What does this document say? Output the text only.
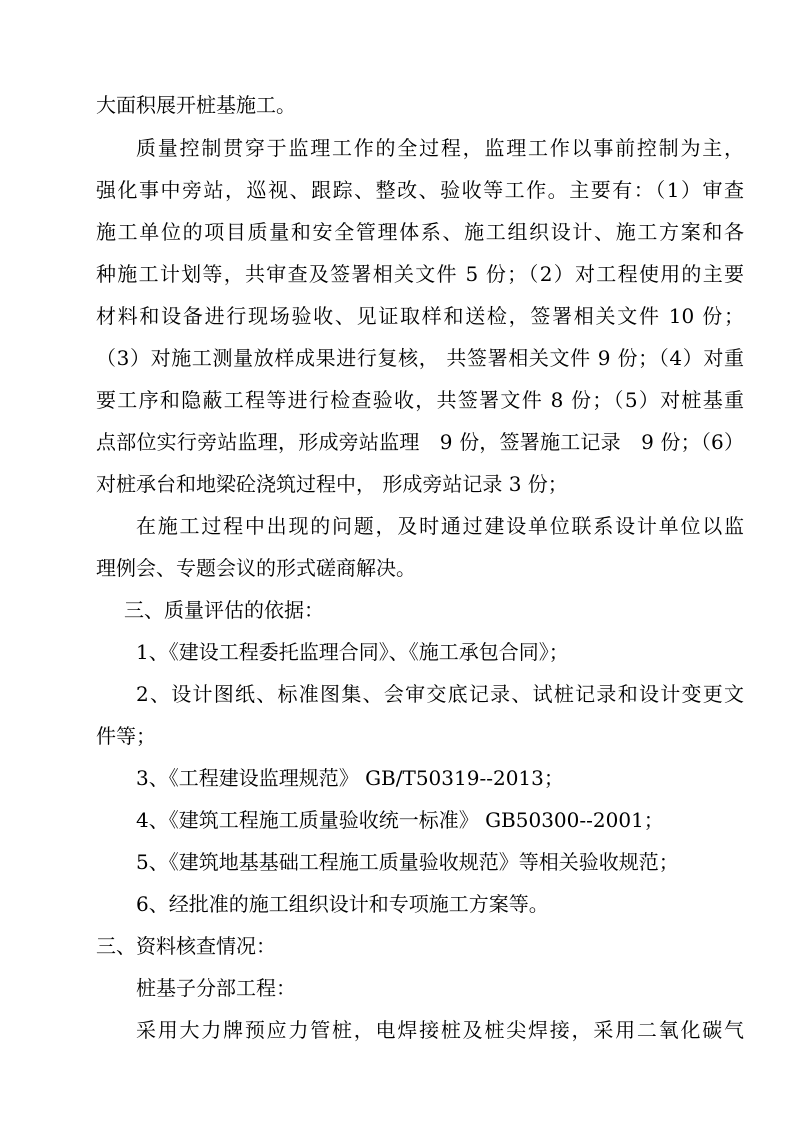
大面积展开桩基施工。
质量控制贯穿于监理工作的全过程，监理工作以事前控制为主，
强化事中旁站，巡视、跟踪、整改、验收等工作。主要有：（1）审查
施工单位的项目质量和安全管理体系、施工组织设计、施工方案和各
种施工计划等，共审查及签署相关文件 5 份；（2）对工程使用的主要
材料和设备进行现场验收、见证取样和送检，签署相关文件 10 份；
（3）对施工测量放样成果进行复核， 共签署相关文件 9 份；（4）对重
要工序和隐蔽工程等进行检查验收，共签署文件 8 份；（5）对桩基重
点部位实行旁站监理，形成旁站监理　9 份，签署施工记录　9 份；（6）
对桩承台和地梁砼浇筑过程中， 形成旁站记录 3 份；
在施工过程中出现的问题，及时通过建设单位联系设计单位以监
理例会、专题会议的形式磋商解决。
三、质量评估的依据：
1、《建设工程委托监理合同》、《施工承包合同》；
2、设计图纸、标准图集、会审交底记录、试桩记录和设计变更文
件等；
3、《工程建设监理规范》 GB/T50319--2013；
4、《建筑工程施工质量验收统一标准》 GB50300--2001；
5、《建筑地基基础工程施工质量验收规范》等相关验收规范；
6、经批准的施工组织设计和专项施工方案等。
三、资料核查情况：
桩基子分部工程：
采用大力牌预应力管桩，电焊接桩及桩尖焊接，采用二氧化碳气
